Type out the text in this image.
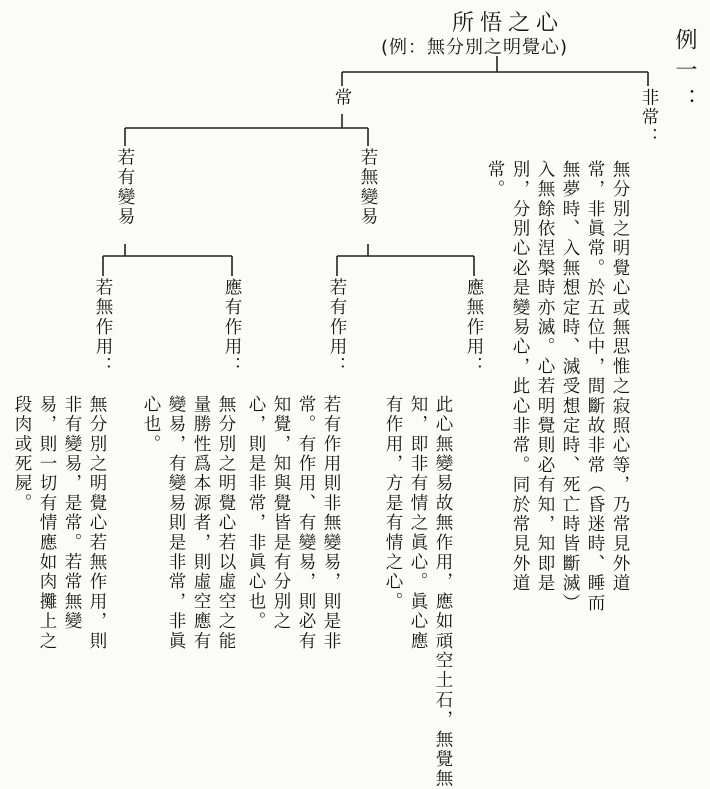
所悟之心
(例：無分別之明覺心)	例一：
常	非常：
無分別之明覺心或無思惟之寂照心等，乃常見外道
常，非眞常。於五位中，間斷故非常（昏迷時、睡而
無夢時、入無想定時、滅受想定時、死亡時皆斷滅）
入無餘依涅槃時亦滅。心若明覺則必有知，知即是
別，分別心必是變易心，此心非常。同於常見外道
常。
若有變易	若無變易
若無作用：	應有作用：	若有作用：	應無作用：
無分別之明覺心若無作用，則
非有變易，是常。若常無變
易，則一切有情應如肉攤上之
段肉或死屍。	無分別之明覺心若以虛空之能
量勝性爲本源者，則虛空應有
變易，有變易則是非常，非眞
心也。	若有作用則非無變易，則是非
常。有作用、有變易，則必有
知覺，知與覺皆是有分別之
心，則是非常，非眞心也。	此心無變易故無作用，應如頑空土石，無覺無
知，即非有情之眞心。眞心應
有作用，方是有情之心。
